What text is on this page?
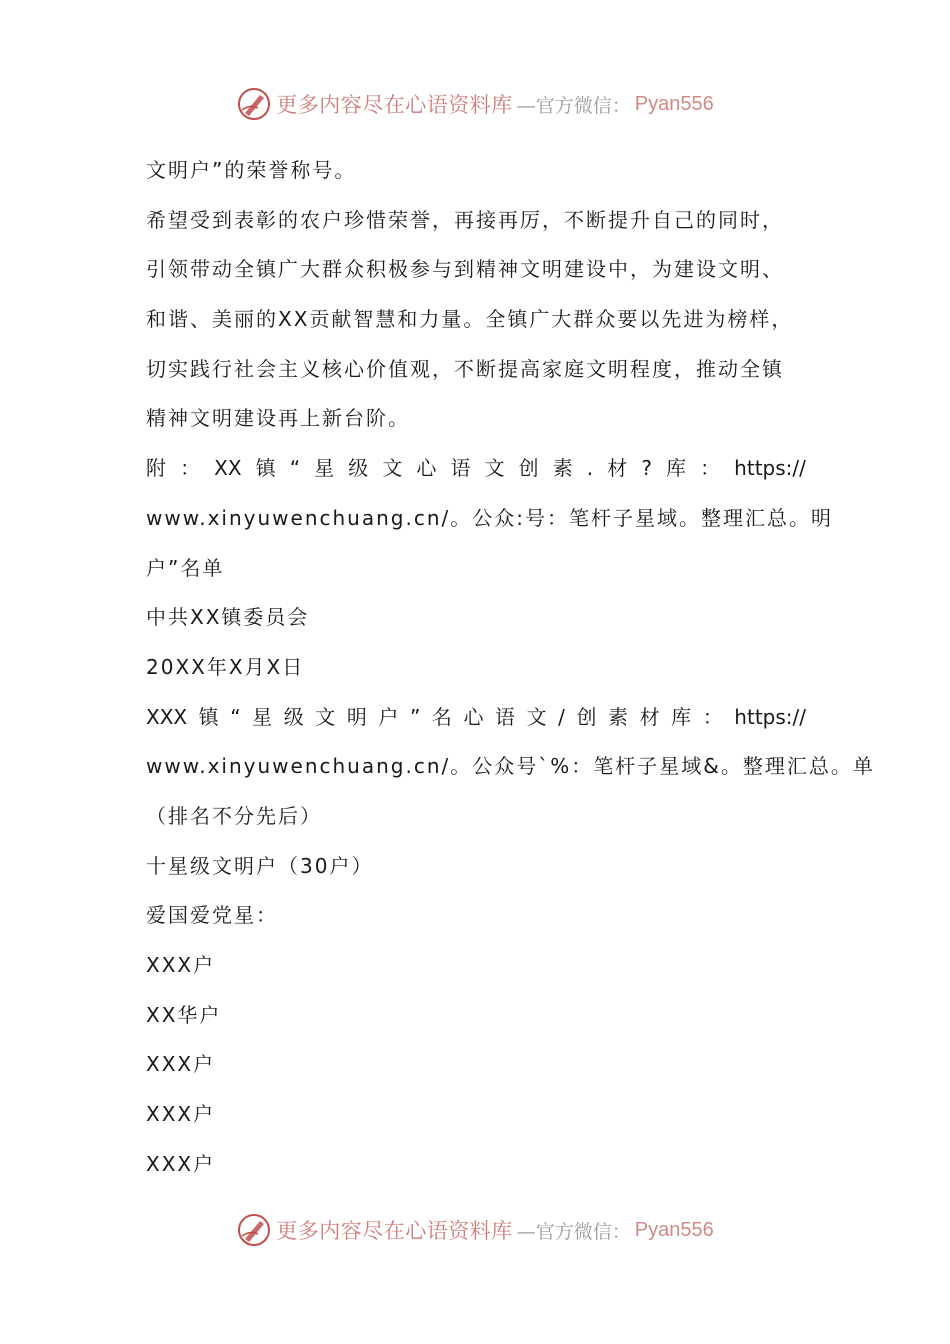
更多内容尽在心语资料库 —官方微信： Pyan556
文明户”的荣誉称号。
希望受到表彰的农户珍惜荣誉，再接再厉，不断提升自己的同时，
引领带动全镇广大群众积极参与到精神文明建设中，为建设文明、
和谐、美丽的XX贡献智慧和力量。全镇广大群众要以先进为榜样，
切实践行社会主义核心价值观，不断提高家庭文明程度，推动全镇
精神文明建设再上新台阶。
附 ： XX 镇 “ 星 级 文 心 语 文 创 素 . 材 ? 库 ： https://
www.xinyuwenchuang.cn/。公众:号：笔杆子星域。整理汇总。明
户”名单
中共XX镇委员会
20XX年X月X日
XXX 镇 “ 星 级 文 明 户 ” 名 心 语 文 / 创 素 材 库 ： https://
www.xinyuwenchuang.cn/。公众号`%：笔杆子星域&。整理汇总。单
（排名不分先后）
十星级文明户（30户）
爱国爱党星：
XXX户
XX华户
XXX户
XXX户
XXX户
更多内容尽在心语资料库 —官方微信： Pyan556
